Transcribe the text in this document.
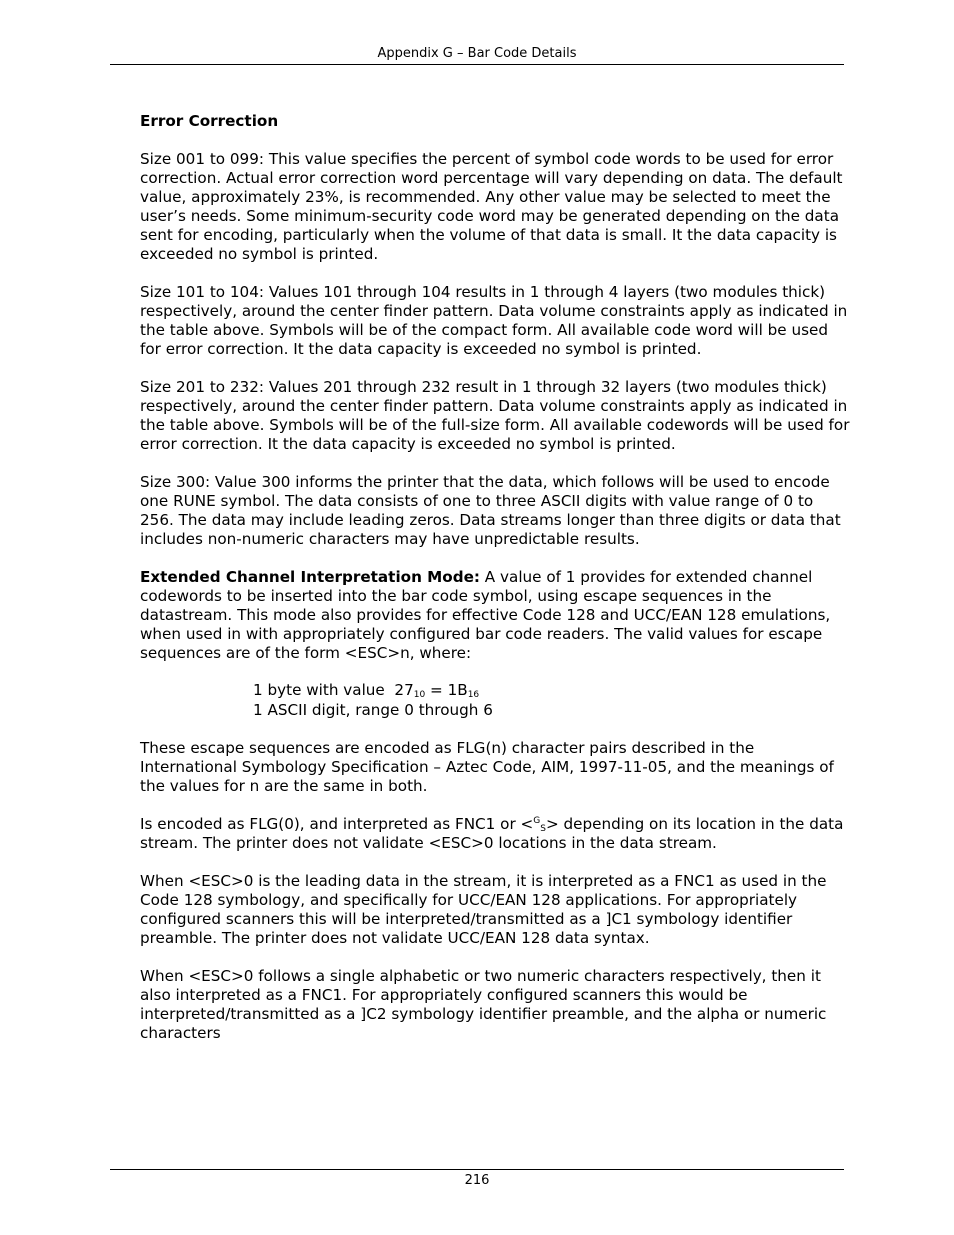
Appendix G – Bar Code Details

Error Correction

Size 001 to 099: This value specifies the percent of symbol code words to be used for error correction. Actual error correction word percentage will vary depending on data. The default value, approximately 23%, is recommended. Any other value may be selected to meet the user’s needs. Some minimum-security code word may be generated depending on the data sent for encoding, particularly when the volume of that data is small. It the data capacity is exceeded no symbol is printed.

Size 101 to 104: Values 101 through 104 results in 1 through 4 layers (two modules thick) respectively, around the center finder pattern. Data volume constraints apply as indicated in the table above. Symbols will be of the compact form. All available code word will be used for error correction. It the data capacity is exceeded no symbol is printed.

Size 201 to 232: Values 201 through 232 result in 1 through 32 layers (two modules thick) respectively, around the center finder pattern. Data volume constraints apply as indicated in the table above. Symbols will be of the full-size form. All available codewords will be used for error correction. It the data capacity is exceeded no symbol is printed.

Size 300: Value 300 informs the printer that the data, which follows will be used to encode one RUNE symbol. The data consists of one to three ASCII digits with value range of 0 to 256. The data may include leading zeros. Data streams longer than three digits or data that includes non-numeric characters may have unpredictable results.

Extended Channel Interpretation Mode: A value of 1 provides for extended channel codewords to be inserted into the bar code symbol, using escape sequences in the datastream. This mode also provides for effective Code 128 and UCC/EAN 128 emulations, when used in with appropriately configured bar code readers. The valid values for escape sequences are of the form <ESC>n, where:

1 byte with value  $27_{10} = 1B_{16}$
1 ASCII digit, range 0 through 6

These escape sequences are encoded as FLG(n) character pairs described in the International Symbology Specification – Aztec Code, AIM, 1997-11-05, and the meanings of the values for n are the same in both.

Is encoded as FLG(0), and interpreted as FNC1 or <$^G$S> depending on its location in the data stream. The printer does not validate <ESC>0 locations in the data stream.

When <ESC>0 is the leading data in the stream, it is interpreted as a FNC1 as used in the Code 128 symbology, and specifically for UCC/EAN 128 applications. For appropriately configured scanners this will be interpreted/transmitted as a ]C1 symbology identifier preamble. The printer does not validate UCC/EAN 128 data syntax.

When <ESC>0 follows a single alphabetic or two numeric characters respectively, then it also interpreted as a FNC1. For appropriately configured scanners this would be interpreted/transmitted as a ]C2 symbology identifier preamble, and the alpha or numeric characters

216
